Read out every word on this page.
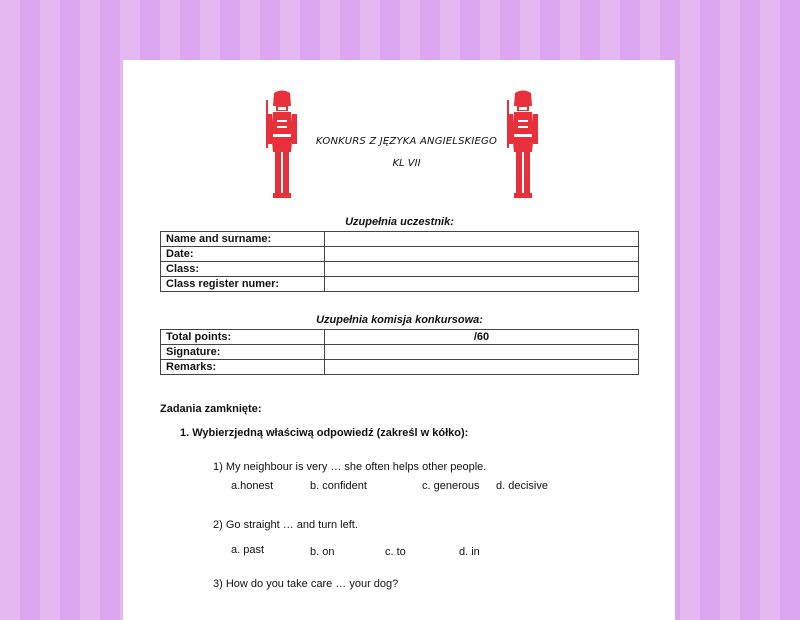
KONKURS Z JĘZYKA ANGIELSKIEGO
KL VII
Uzupełnia uczestnik:
Name and surname:	
Date:	
Class:	
Class register numer:	
Uzupełnia komisja konkursowa:
Total points:	/60
Signature:	
Remarks:	
Zadania zamknięte:
1. Wybierzjedną właściwą odpowiedź (zakreśl w kółko):
1) My neighbour is very … she often helps other people.
a.honest	b. confident	c. generous d. decisive
2) Go straight … and turn left.
a. past	b. on	c. to	d. in
3) How do you take care … your dog?
